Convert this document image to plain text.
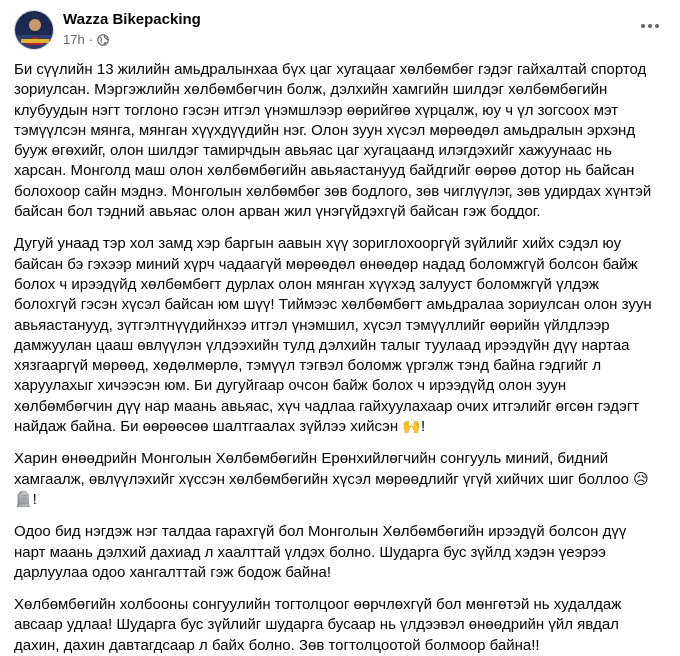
Wazza Bikepacking
17h ·

Би сүүлийн 13 жилийн амьдралынхаа бүх цаг хугацааг хөлбөмбөг гэдэг гайхалтай спортод зориулсан. Мэргэжлийн хөлбөмбөгчин болж, дэлхийн хамгийн шилдэг хөлбөмбөгийн клубуудын нэгт тоглоно гэсэн итгэл үнэмшлээр өөрийгөө хүрцалж, юу ч үл зогсоох мэт тэмүүлсэн мянга, мянган хүүхдүүдийн нэг. Олон зуун хүсэл мөрөөдөл амьдралын эрхэнд бууж өгөхийг, олон шилдэг тамирчдын авьяас цаг хугацаанд илэгдэхийг хажуунаас нь харсан. Монголд маш олон хөлбөмбөгийн авьяастанууд байдгийг өөрөө дотор нь байсан болохоор сайн мэднэ. Монголын хөлбөмбөг зөв бодлого, зөв чиглүүлэг, зөв удирдах хүнтэй байсан бол тэдний авьяас олон арван жил үнэгүйдэхгүй байсан гэж боддог.

Дугуй унаад тэр хол замд хэр баргын аавын хүү зориглохооргүй зүйлийг хийх сэдэл юу байсан бэ гэхээр миний хүрч чадаагүй мөрөөдөл өнөөдөр надад боломжгүй болсон байж болох ч ирээдүйд хөлбөмбөгт дурлах олон мянган хүүхэд залууст боломжгүй үлдэж болохгүй гэсэн хүсэл байсан юм шүү! Тиймээс хөлбөмбөгт амьдралаа зориулсан олон зуун авьяастанууд, зүтгэлтнүүдийнхээ итгэл үнэмшил, хүсэл тэмүүллийг өөрийн үйлдлээр дамжуулан цааш өвлүүлэн үлдээхийн тулд дэлхийн талыг туулаад ирээдүйн дүү нартаа хязгааргүй мөрөөд, хөдөлмөрлө, тэмүүл тэгвэл боломж үргэлж тэнд байна гэдгийг л харуулахыг хичээсэн юм. Би дугуйгаар очсон байж болох ч ирээдүйд олон зуун хөлбөмбөгчин дүү нар маань авьяас, хүч чадлаа гайхуулахаар очих итгэлийг өгсөн гэдэгт найдаж байна. Би өөрөөсөө шалтгаалах зүйлээ хийсэн 🙌!

Харин өнөөдрийн Монголын Хөлбөмбөгийн Ерөнхийлөгчийн сонгууль миний, бидний хамгаалж, өвлүүлэхийг хүссэн хөлбөмбөгийн хүсэл мөрөөдлийг үгүй хийчих шиг боллоо 😥🪦!

Одоо бид нэгдэж нэг талдаа гарахгүй бол Монголын Хөлбөмбөгийн ирээдүй болсон дүү нарт маань дэлхий дахиад л хаалттай үлдэх болно. Шударга бус зүйлд хэдэн үеэрээ дарлуулаа одоо хангалттай гэж бодож байна!

Хөлбөмбөгийн холбооны сонгуулийн тогтолцоог өөрчлөхгүй бол мөнгөтэй нь худалдаж авсаар удлаа! Шударга бус зүйлийг шударга бусаар нь үлдээвэл өнөөдрийн үйл явдал дахин, дахин давтагдсаар л байх болно. Зөв тогтолцоотой болмоор байна!!
